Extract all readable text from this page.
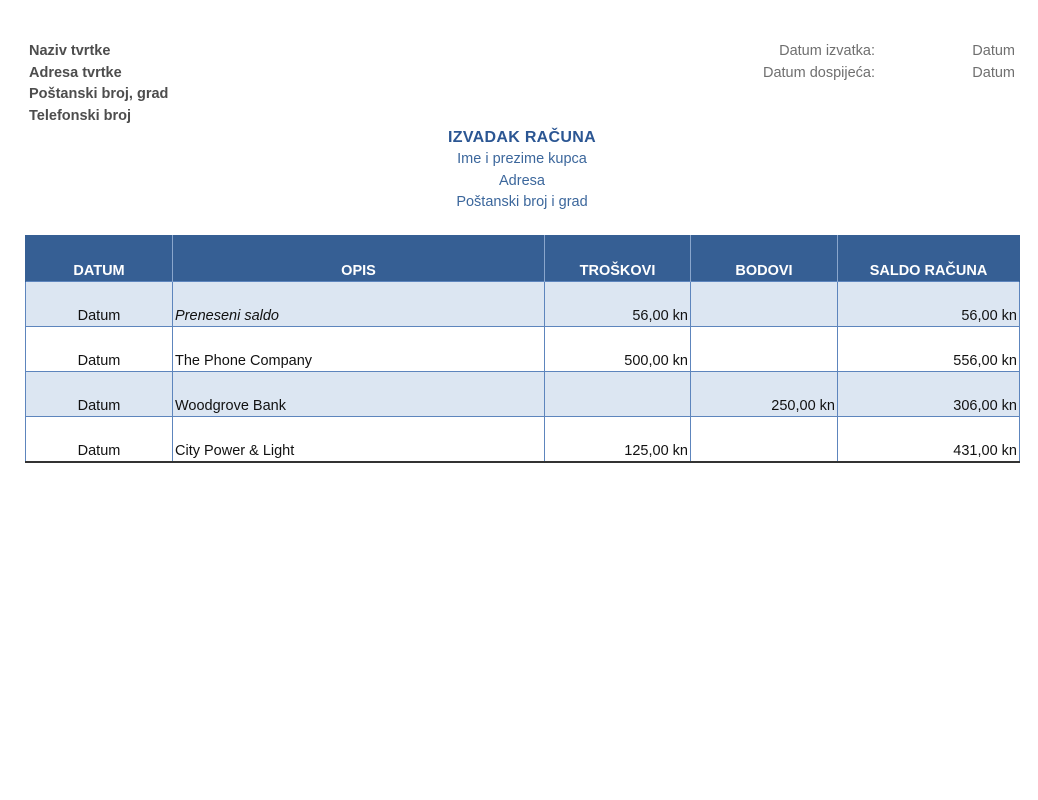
Naziv tvrtke
Adresa tvrtke
Poštanski broj, grad
Telefonski broj
Datum izvatka:	Datum
Datum dospijeća:	Datum
IZVADAK RAČUNA
Ime i prezime kupca
Adresa
Poštanski broj i grad
DATUM	OPIS	TROŠKOVI	BODOVI	SALDO RAČUNA
Datum	Preneseni saldo	56,00 kn		56,00 kn
Datum	The Phone Company	500,00 kn		556,00 kn
Datum	Woodgrove Bank		250,00 kn	306,00 kn
Datum	City Power & Light	125,00 kn		431,00 kn
